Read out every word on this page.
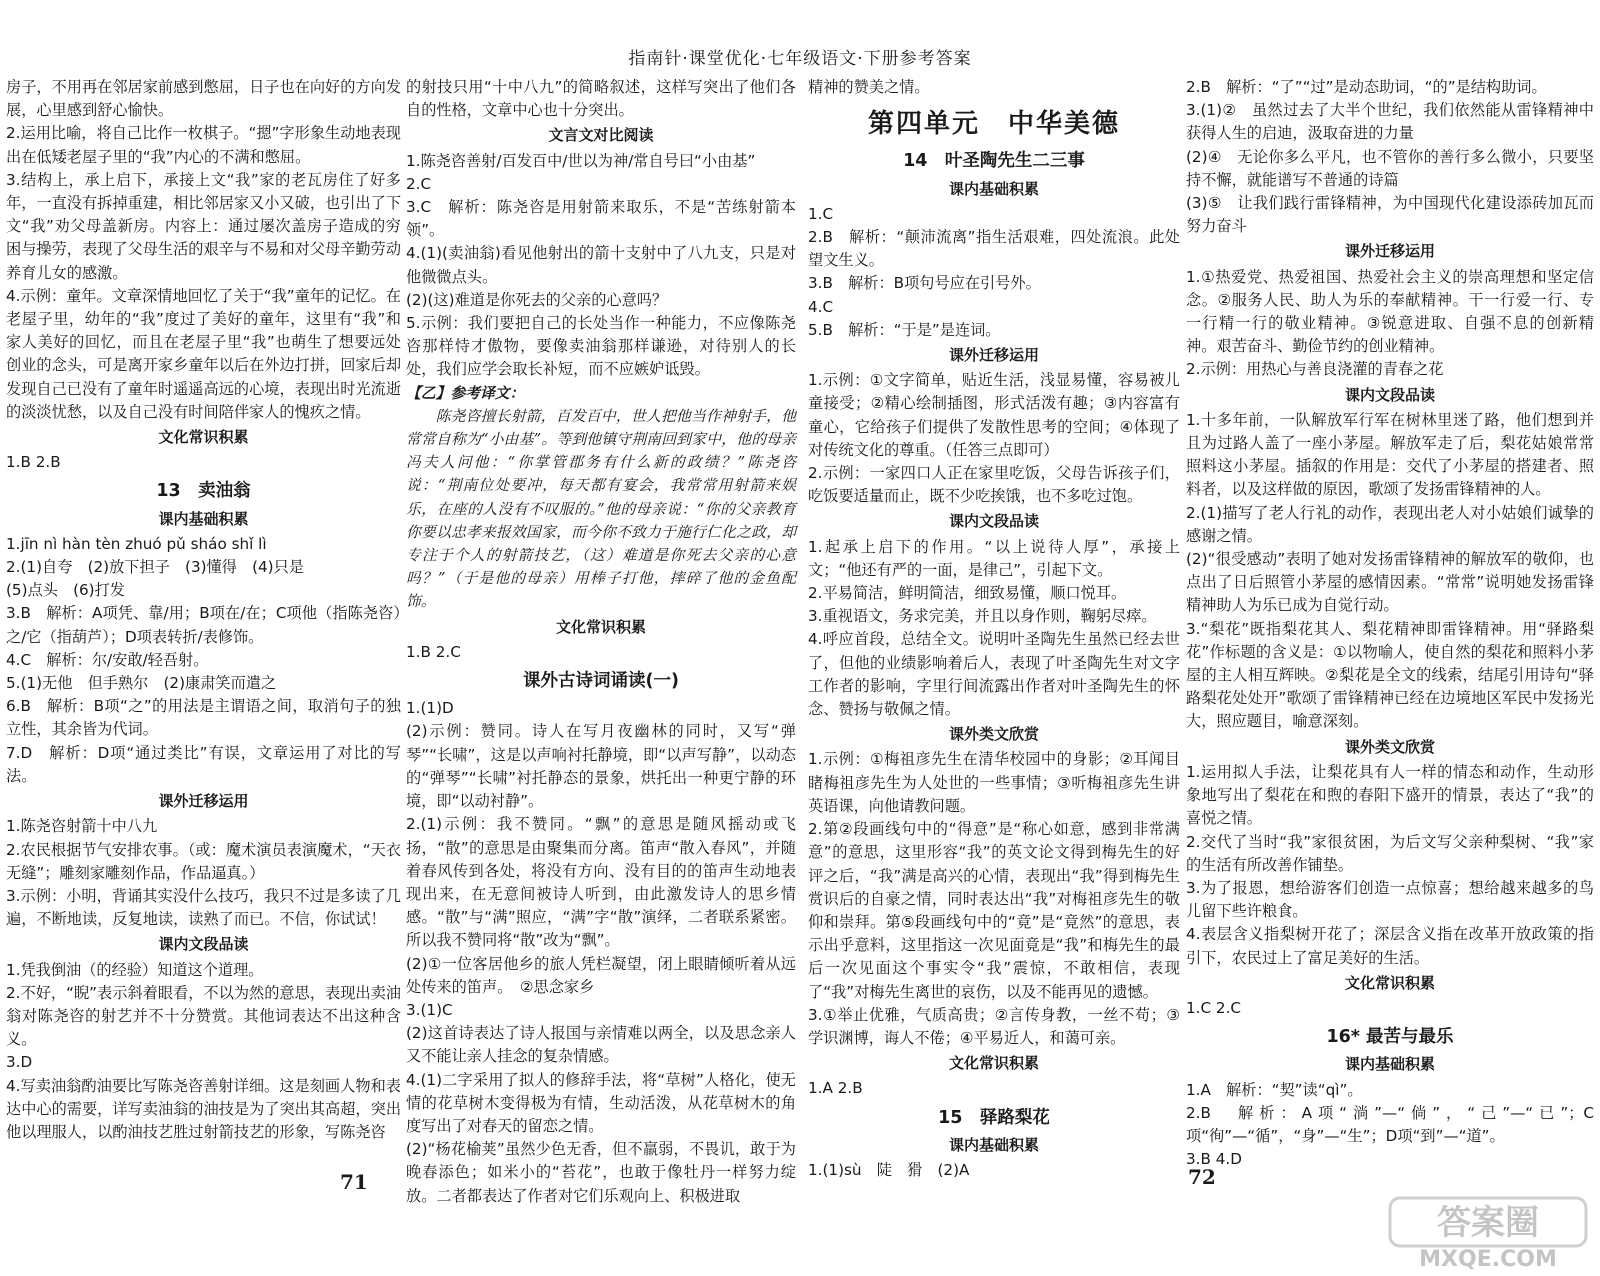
指南针·课堂优化·七年级语文·下册参考答案

房子，不用再在邻居家前感到憋屈，日子也在向好的方向发展，心里感到舒心愉快。

2.运用比喻，将自己比作一枚棋子。“摁”字形象生动地表现出在低矮老屋子里的“我”内心的不满和憋屈。

3.结构上，承上启下，承接上文“我”家的老瓦房住了好多年，一直没有拆掉重建，相比邻居家又小又破，也引出了下文“我”劝父母盖新房。内容上：通过屡次盖房子造成的穷困与操劳，表现了父母生活的艰辛与不易和对父母辛勤劳动养育儿女的感激。

4.示例：童年。文章深情地回忆了关于“我”童年的记忆。在老屋子里，幼年的“我”度过了美好的童年，这里有“我”和家人美好的回忆，而且在老屋子里“我”也萌生了想要远处创业的念头，可是离开家乡童年以后在外边打拼，回家后却发现自己已没有了童年时遥遥高远的心境，表现出时光流逝的淡淡忧愁，以及自己没有时间陪伴家人的愧疚之情。

文化常识积累

1.B 2.B

13　卖油翁
课内基础积累

1.jīn nì hàn tèn zhuó pǔ sháo shǐ lì

2.(1)自夸　(2)放下担子　(3)懂得　(4)只是

(5)点头　(6)打发

3.B　解析：A项凭、靠/用；B项在/在；C项他（指陈尧咨）之/它（指葫芦）；D项表转折/表修饰。

4.C　解析：尔/安敢/轻吾射。

5.(1)无他　但手熟尔　(2)康肃笑而遣之

6.B　解析：B项“之”的用法是主谓语之间，取消句子的独立性，其余皆为代词。

7.D　解析：D项“通过类比”有误，文章运用了对比的写法。

课外迁移运用

1.陈尧咨射箭十中八九

2.农民根据节气安排农事。（或：魔术演员表演魔术，“天衣无缝”；雕刻家雕刻作品，作品逼真。）

3.示例：小明，背诵其实没什么技巧，我只不过是多读了几遍，不断地读，反复地读，读熟了而已。不信，你试试！

课内文段品读

1.凭我倒油（的经验）知道这个道理。

2.不好，“睨”表示斜着眼看，不以为然的意思，表现出卖油翁对陈尧咨的射艺并不十分赞赏。其他词表达不出这种含义。

3.D

4.写卖油翁酌油要比写陈尧咨善射详细。这是刻画人物和表达中心的需要，详写卖油翁的油技是为了突出其高超，突出他以理服人，以酌油技艺胜过射箭技艺的形象，写陈尧咨

的射技只用“十中八九”的简略叙述，这样写突出了他们各自的性格，文章中心也十分突出。

文言文对比阅读

1.陈尧咨善射/百发百中/世以为神/常自号曰“小由基”

2.C

3.C　解析：陈尧咨是用射箭来取乐，不是“苦练射箭本领”。

4.(1)(卖油翁)看见他射出的箭十支射中了八九支，只是对他微微点头。

(2)(这)难道是你死去的父亲的心意吗？

5.示例：我们要把自己的长处当作一种能力，不应像陈尧咨那样恃才傲物，要像卖油翁那样谦逊，对待别人的长处，我们应学会取长补短，而不应嫉妒诋毁。

【乙】参考译文：

陈尧咨擅长射箭，百发百中，世人把他当作神射手，他常常自称为“小由基”。等到他镇守荆南回到家中，他的母亲冯夫人问他：“你掌管郡务有什么新的政绩？”陈尧咨说：“荆南位处要冲，每天都有宴会，我常常用射箭来娱乐，在座的人没有不叹服的。”他的母亲说：“你的父亲教育你要以忠孝来报效国家，而今你不致力于施行仁化之政，却专注于个人的射箭技艺，（这）难道是你死去父亲的心意吗？”（于是他的母亲）用棒子打他，摔碎了他的金鱼配饰。

文化常识积累

1.B 2.C

课外古诗词诵读(一)

1.(1)D

(2)示例：赞同。诗人在写月夜幽林的同时，又写“弹琴”“长啸”，这是以声响衬托静境，即“以声写静”，以动态的“弹琴”“长啸”衬托静态的景象，烘托出一种更宁静的环境，即“以动衬静”。

2.(1)示例：我不赞同。“飘”的意思是随风摇动或飞扬，“散”的意思是由聚集而分离。笛声“散入春风”，并随着春风传到各处，将没有方向、没有目的的笛声生动地表现出来，在无意间被诗人听到，由此激发诗人的思乡情感。“散”与“满”照应，“满”字“散”演绎，二者联系紧密。所以我不赞同将“散”改为“飘”。

(2)①一位客居他乡的旅人凭栏凝望，闭上眼睛倾听着从远处传来的笛声。　②思念家乡

3.(1)C

(2)这首诗表达了诗人报国与亲情难以两全，以及思念亲人又不能让亲人挂念的复杂情感。

4.(1)二字采用了拟人的修辞手法，将“草树”人格化，使无情的花草树木变得极为有情，生动活泼，从花草树木的角度写出了对春天的留恋之情。

(2)“杨花榆荚”虽然少色无香，但不羸弱，不畏讥，敢于为晚春添色；如米小的“苔花”，也敢于像牡丹一样努力绽放。二者都表达了作者对它们乐观向上、积极进取

精神的赞美之情。

第四单元　中华美德
14　叶圣陶先生二三事
课内基础积累

1.C

2.B　解析：“颠沛流离”指生活艰难，四处流浪。此处望文生义。

3.B　解析：B项句号应在引号外。

4.C

5.B　解析：“于是”是连词。

课外迁移运用

1.示例：①文字简单，贴近生活，浅显易懂，容易被儿童接受；②精心绘制插图，形式活泼有趣；③内容富有童心，它给孩子们提供了发散性思考的空间；④体现了对传统文化的尊重。（任答三点即可）

2.示例：一家四口人正在家里吃饭，父母告诉孩子们，吃饭要适量而止，既不少吃挨饿，也不多吃过饱。

课内文段品读

1.起承上启下的作用。“以上说待人厚”，承接上文；“他还有严的一面，是律己”，引起下文。

2.平易简洁，鲜明简洁，细致易懂，顺口悦耳。

3.重视语文，务求完美，并且以身作则，鞠躬尽瘁。

4.呼应首段，总结全文。说明叶圣陶先生虽然已经去世了，但他的业绩影响着后人，表现了叶圣陶先生对文字工作者的影响，字里行间流露出作者对叶圣陶先生的怀念、赞扬与敬佩之情。

课外类文欣赏

1.示例：①梅祖彦先生在清华校园中的身影；②耳闻目睹梅祖彦先生为人处世的一些事情；③听梅祖彦先生讲英语课，向他请教问题。

2.第②段画线句中的“得意”是“称心如意，感到非常满意”的意思，这里形容“我”的英文论文得到梅先生的好评之后，“我”满是高兴的心情，表现出“我”得到梅先生赏识后的自豪之情，同时表达出“我”对梅祖彦先生的敬仰和崇拜。第⑤段画线句中的“竟”是“竟然”的意思，表示出乎意料，这里指这一次见面竟是“我”和梅先生的最后一次见面这个事实令“我”震惊，不敢相信，表现了“我”对梅先生离世的哀伤，以及不能再见的遗憾。

3.①举止优雅，气质高贵；②言传身教，一丝不苟；③学识渊博，诲人不倦；④平易近人，和蔼可亲。

文化常识积累

1.A 2.B

15　驿路梨花
课内基础积累

1.(1)sù　陡　猾　(2)A

2.B　解析：“了”“过”是动态助词，“的”是结构助词。

3.(1)②　虽然过去了大半个世纪，我们依然能从雷锋精神中获得人生的启迪，汲取奋进的力量

(2)④　无论你多么平凡，也不管你的善行多么微小，只要坚持不懈，就能谱写不普通的诗篇

(3)⑤　让我们践行雷锋精神，为中国现代化建设添砖加瓦而努力奋斗

课外迁移运用

1.①热爱党、热爱祖国、热爱社会主义的崇高理想和坚定信念。②服务人民、助人为乐的奉献精神。干一行爱一行、专一行精一行的敬业精神。③锐意进取、自强不息的创新精神。艰苦奋斗、勤俭节约的创业精神。

2.示例：用热心与善良浇灌的青春之花

课内文段品读

1.十多年前，一队解放军行军在树林里迷了路，他们想到并且为过路人盖了一座小茅屋。解放军走了后，梨花姑娘常常照料这小茅屋。插叙的作用是：交代了小茅屋的搭建者、照料者，以及这样做的原因，歌颂了发扬雷锋精神的人。

2.(1)描写了老人行礼的动作，表现出老人对小姑娘们诚挚的感谢之情。

(2)“很受感动”表明了她对发扬雷锋精神的解放军的敬仰，也点出了日后照管小茅屋的感情因素。“常常”说明她发扬雷锋精神助人为乐已成为自觉行动。

3.“梨花”既指梨花其人、梨花精神即雷锋精神。用“驿路梨花”作标题的含义是：①以物喻人，使自然的梨花和照料小茅屋的主人相互辉映。②梨花是全文的线索，结尾引用诗句“驿路梨花处处开”歌颂了雷锋精神已经在边境地区军民中发扬光大，照应题目，喻意深刻。

课外类文欣赏

1.运用拟人手法，让梨花具有人一样的情态和动作，生动形象地写出了梨花在和煦的春阳下盛开的情景，表达了“我”的喜悦之情。

2.交代了当时“我”家很贫困，为后文写父亲种梨树、“我”家的生活有所改善作铺垫。

3.为了报恩，想给游客们创造一点惊喜；想给越来越多的鸟儿留下些许粮食。

4.表层含义指梨树开花了；深层含义指在改革开放政策的指引下，农民过上了富足美好的生活。

文化常识积累

1.C 2.C

16* 最苦与最乐
课内基础积累

1.A　解析：“契”读“qì”。

2.B　解析：A项“淌”—“倘”，“己”—“已”；C项“徇”—“循”，“身”—“生”；D项“到”—“道”。

3.B 4.D

71	72
答案圈
MXQE.COM
